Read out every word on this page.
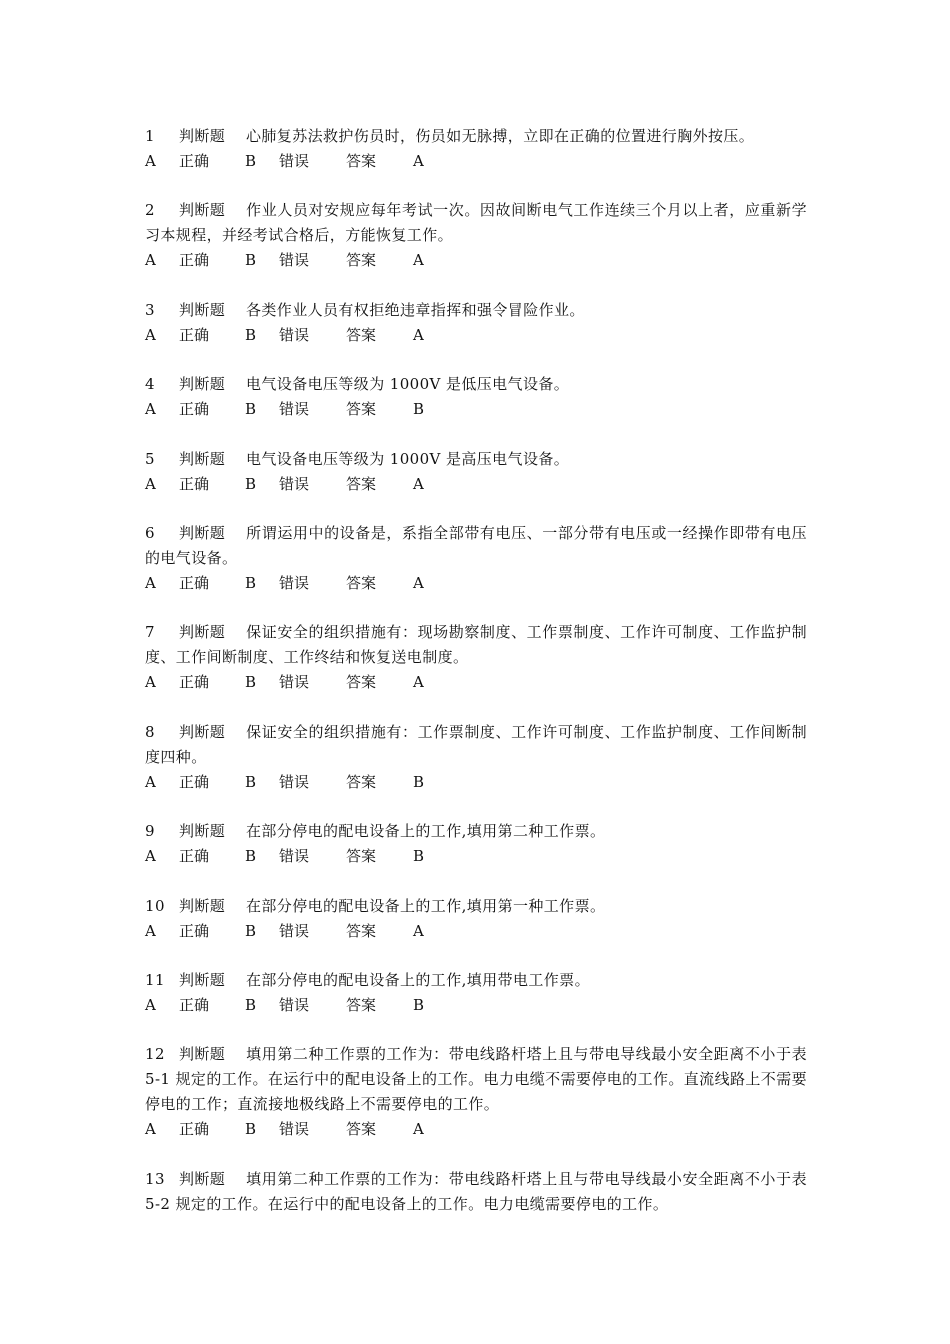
1 判断题 心肺复苏法救护伤员时，伤员如无脉搏，立即在正确的位置进行胸外按压。
A 正确 B 错误 答案 A
2 判断题 作业人员对安规应每年考试一次。因故间断电气工作连续三个月以上者，应重新学习本规程，并经考试合格后，方能恢复工作。
A 正确 B 错误 答案 A
3 判断题 各类作业人员有权拒绝违章指挥和强令冒险作业。
A 正确 B 错误 答案 A
4 判断题 电气设备电压等级为 1000V 是低压电气设备。
A 正确 B 错误 答案 B
5 判断题 电气设备电压等级为 1000V 是高压电气设备。
A 正确 B 错误 答案 A
6 判断题 所谓运用中的设备是，系指全部带有电压、一部分带有电压或一经操作即带有电压的电气设备。
A 正确 B 错误 答案 A
7 判断题 保证安全的组织措施有：现场勘察制度、工作票制度、工作许可制度、工作监护制度、工作间断制度、工作终结和恢复送电制度。
A 正确 B 错误 答案 A
8 判断题 保证安全的组织措施有：工作票制度、工作许可制度、工作监护制度、工作间断制度四种。
A 正确 B 错误 答案 B
9 判断题 在部分停电的配电设备上的工作,填用第二种工作票。
A 正确 B 错误 答案 B
10 判断题 在部分停电的配电设备上的工作,填用第一种工作票。
A 正确 B 错误 答案 A
11 判断题 在部分停电的配电设备上的工作,填用带电工作票。
A 正确 B 错误 答案 B
12 判断题 填用第二种工作票的工作为：带电线路杆塔上且与带电导线最小安全距离不小于表 5-1 规定的工作。在运行中的配电设备上的工作。电力电缆不需要停电的工作。直流线路上不需要停电的工作；直流接地极线路上不需要停电的工作。
A 正确 B 错误 答案 A
13 判断题 填用第二种工作票的工作为：带电线路杆塔上且与带电导线最小安全距离不小于表 5-2 规定的工作。在运行中的配电设备上的工作。电力电缆需要停电的工作。
